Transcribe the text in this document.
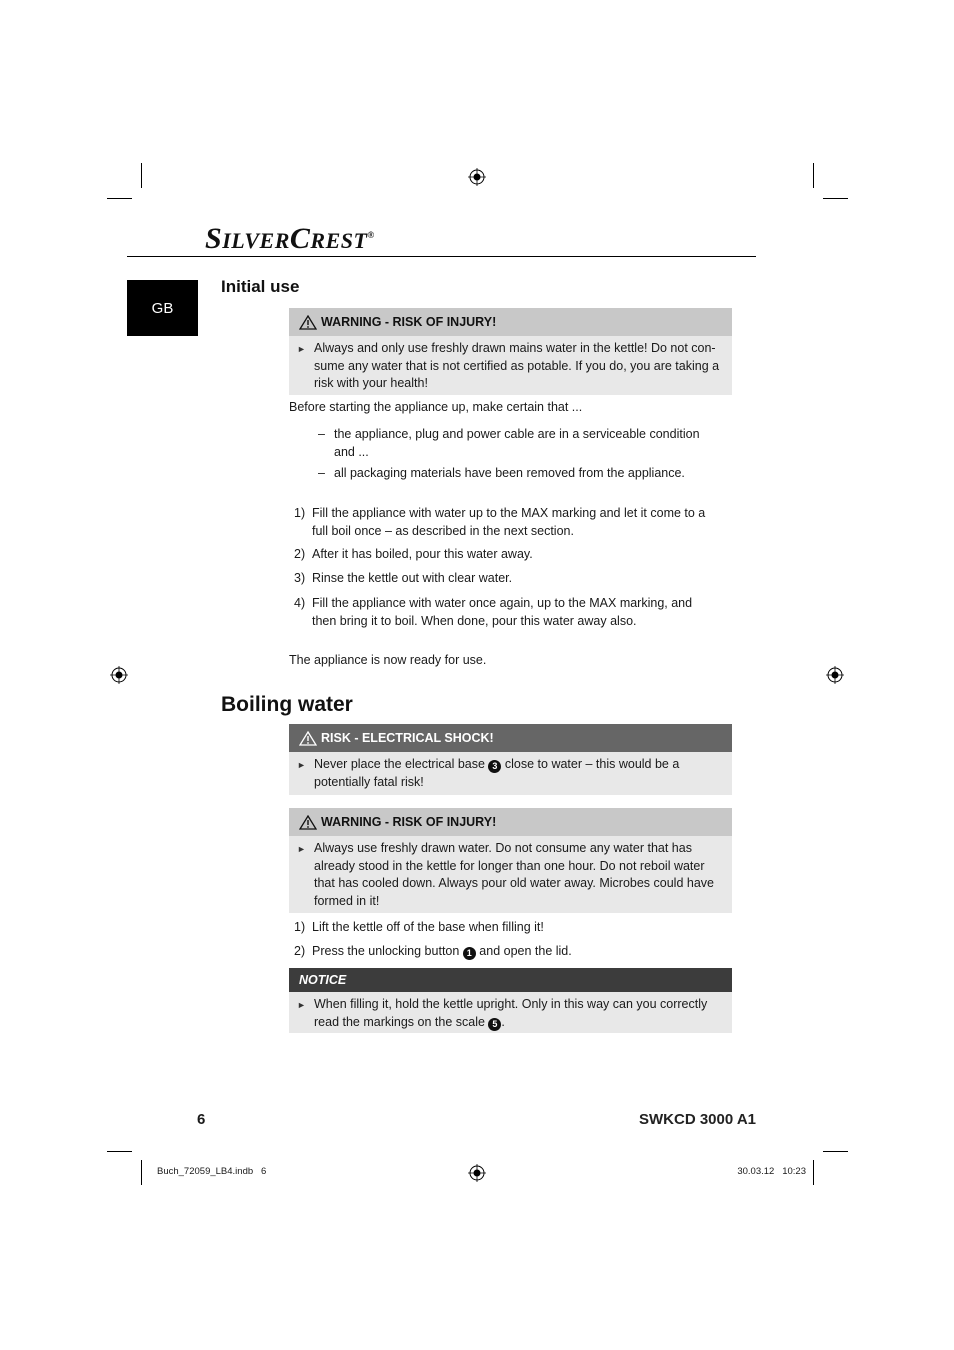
SILVERCREST®
GB
Initial use
WARNING - RISK OF INJURY!
► Always and only use freshly drawn mains water in the kettle! Do not con-
sume any water that is not certified as potable. If you do, you are taking a
risk with your health!
Before starting the appliance up, make certain that ...
– the appliance, plug and power cable are in a serviceable condition
and ...
– all packaging materials have been removed from the appliance.
1) Fill the appliance with water up to the MAX marking and let it come to a
full boil once – as described in the next section.
2) After it has boiled, pour this water away.
3) Rinse the kettle out with clear water.
4) Fill the appliance with water once again, up to the MAX marking, and
then bring it to boil. When done, pour this water away also.
The appliance is now ready for use.
Boiling water
RISK - ELECTRICAL SHOCK!
► Never place the electrical base 3 close to water – this would be a
potentially fatal risk!
WARNING - RISK OF INJURY!
► Always use freshly drawn water. Do not consume any water that has
already stood in the kettle for longer than one hour. Do not reboil water
that has cooled down. Always pour old water away. Microbes could have
formed in it!
1) Lift the kettle off of the base when filling it!
2) Press the unlocking button 1 and open the lid.
NOTICE
► When filling it, hold the kettle upright. Only in this way can you correctly
read the markings on the scale 5 .
6	SWKCD 3000 A1
Buch_72059_LB4.indb   6	30.03.12   10:23
